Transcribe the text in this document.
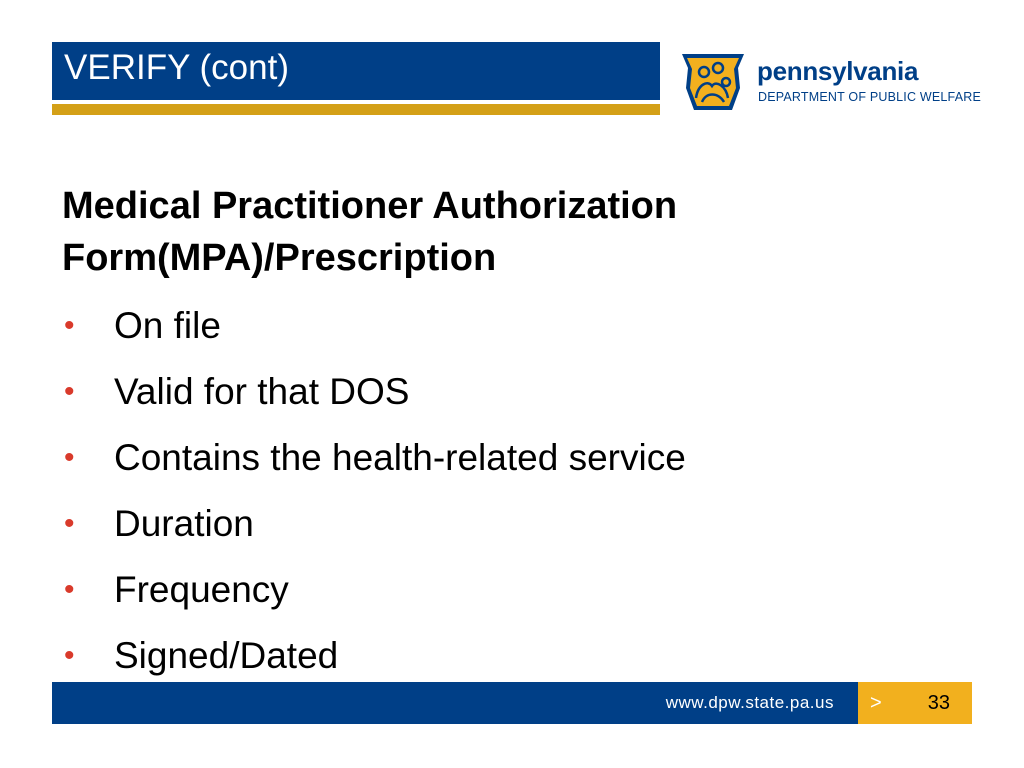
VERIFY (cont)	pennsylvania
DEPARTMENT OF PUBLIC WELFARE
Medical Practitioner Authorization Form(MPA)/Prescription
• On file
• Valid for that DOS
• Contains the health-related service
• Duration
• Frequency
• Signed/Dated
www.dpw.state.pa.us >	33
